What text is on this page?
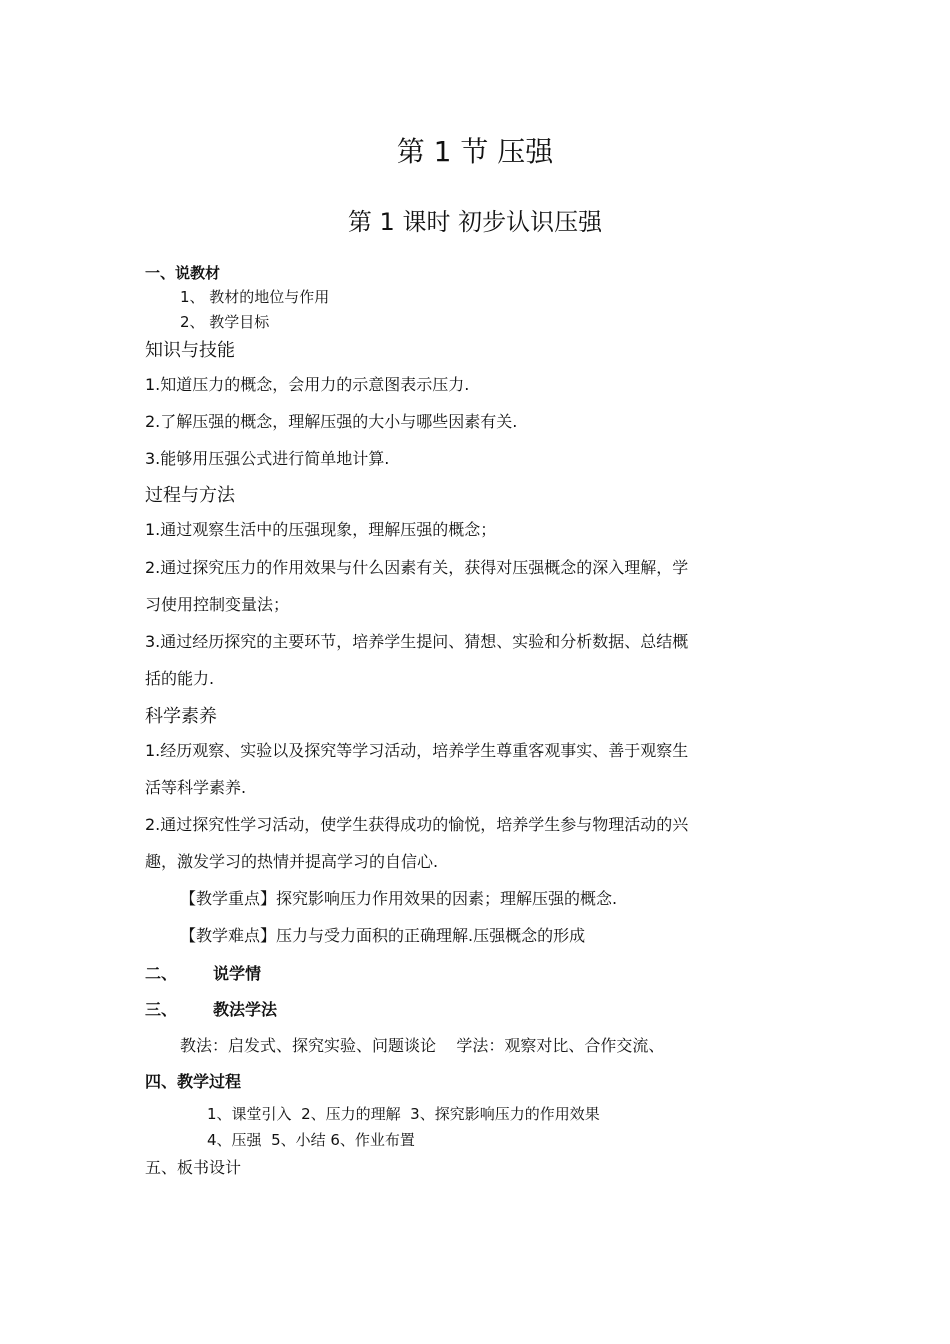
第 1 节 压强
第 1 课时 初步认识压强
一、说教材
1、 教材的地位与作用
2、 教学目标
知识与技能
1.知道压力的概念，会用力的示意图表示压力.
2.了解压强的概念，理解压强的大小与哪些因素有关.
3.能够用压强公式进行简单地计算.
过程与方法
1.通过观察生活中的压强现象，理解压强的概念；
2.通过探究压力的作用效果与什么因素有关，获得对压强概念的深入理解，学
习使用控制变量法；
3.通过经历探究的主要环节，培养学生提问、猜想、实验和分析数据、总结概
括的能力.
科学素养
1.经历观察、实验以及探究等学习活动，培养学生尊重客观事实、善于观察生
活等科学素养.
2.通过探究性学习活动，使学生获得成功的愉悦，培养学生参与物理活动的兴
趣，激发学习的热情并提高学习的自信心.
【教学重点】探究影响压力作用效果的因素；理解压强的概念.
【教学难点】压力与受力面积的正确理解.压强概念的形成
二、 说学情
三、 教法学法
教法：启发式、探究实验、问题谈论    学法：观察对比、合作交流、
四、教学过程
1、课堂引入  2、压力的理解  3、探究影响压力的作用效果
4、压强  5、小结 6、作业布置
五、板书设计
